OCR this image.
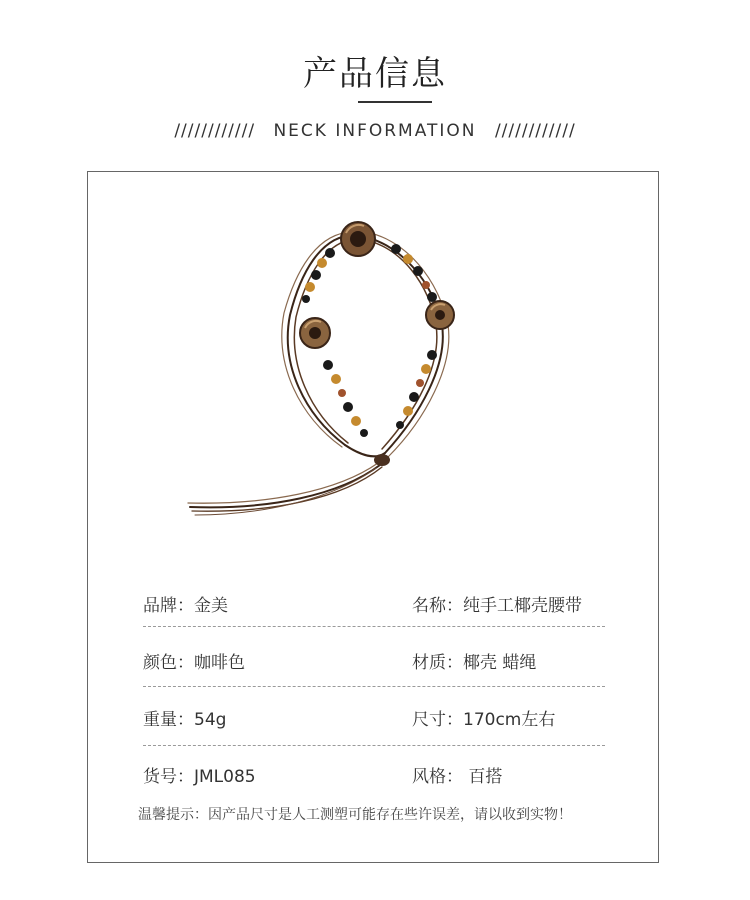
产品信息
//////////// NECK INFORMATION ////////////
品牌：金美	名称：纯手工椰壳腰带
颜色：咖啡色	材质：椰壳 蜡绳
重量：54g	尺寸：170cm左右
货号：JML085	风格： 百搭
温馨提示：因产品尺寸是人工测塑可能存在些许误差，请以收到实物！
